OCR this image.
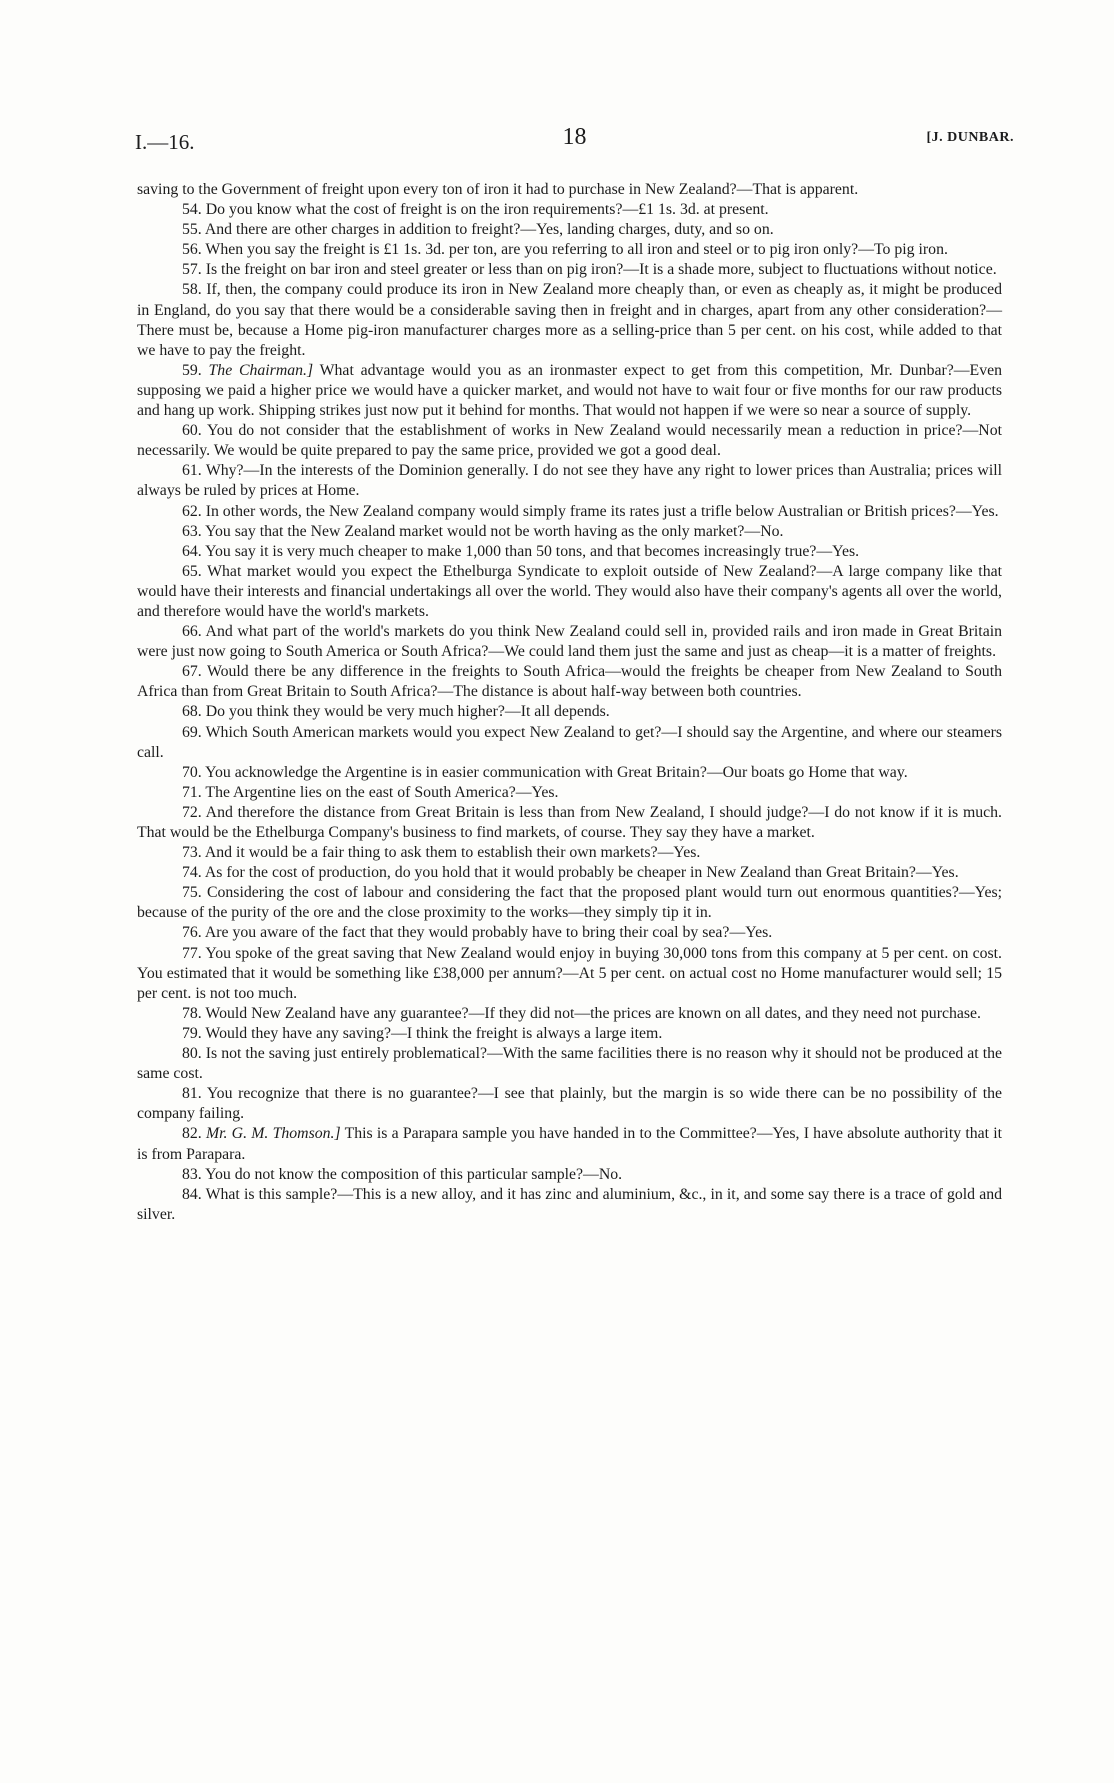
I.—16.	18	[J. DUNBAR.

saving to the Government of freight upon every ton of iron it had to purchase in New Zealand?—That is apparent.

54. Do you know what the cost of freight is on the iron requirements?—£1 1s. 3d. at present.

55. And there are other charges in addition to freight?—Yes, landing charges, duty, and so on.

56. When you say the freight is £1 1s. 3d. per ton, are you referring to all iron and steel or to pig iron only?—To pig iron.

57. Is the freight on bar iron and steel greater or less than on pig iron?—It is a shade more, subject to fluctuations without notice.

58. If, then, the company could produce its iron in New Zealand more cheaply than, or even as cheaply as, it might be produced in England, do you say that there would be a considerable saving then in freight and in charges, apart from any other consideration?—There must be, because a Home pig-iron manufacturer charges more as a selling-price than 5 per cent. on his cost, while added to that we have to pay the freight.

59. The Chairman.] What advantage would you as an ironmaster expect to get from this competition, Mr. Dunbar?—Even supposing we paid a higher price we would have a quicker market, and would not have to wait four or five months for our raw products and hang up work. Shipping strikes just now put it behind for months. That would not happen if we were so near a source of supply.

60. You do not consider that the establishment of works in New Zealand would necessarily mean a reduction in price?—Not necessarily. We would be quite prepared to pay the same price, provided we got a good deal.

61. Why?—In the interests of the Dominion generally. I do not see they have any right to lower prices than Australia; prices will always be ruled by prices at Home.

62. In other words, the New Zealand company would simply frame its rates just a trifle below Australian or British prices?—Yes.

63. You say that the New Zealand market would not be worth having as the only market?—No.

64. You say it is very much cheaper to make 1,000 than 50 tons, and that becomes increasingly true?—Yes.

65. What market would you expect the Ethelburga Syndicate to exploit outside of New Zealand?—A large company like that would have their interests and financial undertakings all over the world. They would also have their company's agents all over the world, and therefore would have the world's markets.

66. And what part of the world's markets do you think New Zealand could sell in, provided rails and iron made in Great Britain were just now going to South America or South Africa?—We could land them just the same and just as cheap—it is a matter of freights.

67. Would there be any difference in the freights to South Africa—would the freights be cheaper from New Zealand to South Africa than from Great Britain to South Africa?—The distance is about half-way between both countries.

68. Do you think they would be very much higher?—It all depends.

69. Which South American markets would you expect New Zealand to get?—I should say the Argentine, and where our steamers call.

70. You acknowledge the Argentine is in easier communication with Great Britain?—Our boats go Home that way.

71. The Argentine lies on the east of South America?—Yes.

72. And therefore the distance from Great Britain is less than from New Zealand, I should judge?—I do not know if it is much. That would be the Ethelburga Company's business to find markets, of course. They say they have a market.

73. And it would be a fair thing to ask them to establish their own markets?—Yes.

74. As for the cost of production, do you hold that it would probably be cheaper in New Zealand than Great Britain?—Yes.

75. Considering the cost of labour and considering the fact that the proposed plant would turn out enormous quantities?—Yes; because of the purity of the ore and the close proximity to the works—they simply tip it in.

76. Are you aware of the fact that they would probably have to bring their coal by sea?—Yes.

77. You spoke of the great saving that New Zealand would enjoy in buying 30,000 tons from this company at 5 per cent. on cost. You estimated that it would be something like £38,000 per annum?—At 5 per cent. on actual cost no Home manufacturer would sell; 15 per cent. is not too much.

78. Would New Zealand have any guarantee?—If they did not—the prices are known on all dates, and they need not purchase.

79. Would they have any saving?—I think the freight is always a large item.

80. Is not the saving just entirely problematical?—With the same facilities there is no reason why it should not be produced at the same cost.

81. You recognize that there is no guarantee?—I see that plainly, but the margin is so wide there can be no possibility of the company failing.

82. Mr. G. M. Thomson.] This is a Parapara sample you have handed in to the Committee?—Yes, I have absolute authority that it is from Parapara.

83. You do not know the composition of this particular sample?—No.

84. What is this sample?—This is a new alloy, and it has zinc and aluminium, &c., in it, and some say there is a trace of gold and silver.
